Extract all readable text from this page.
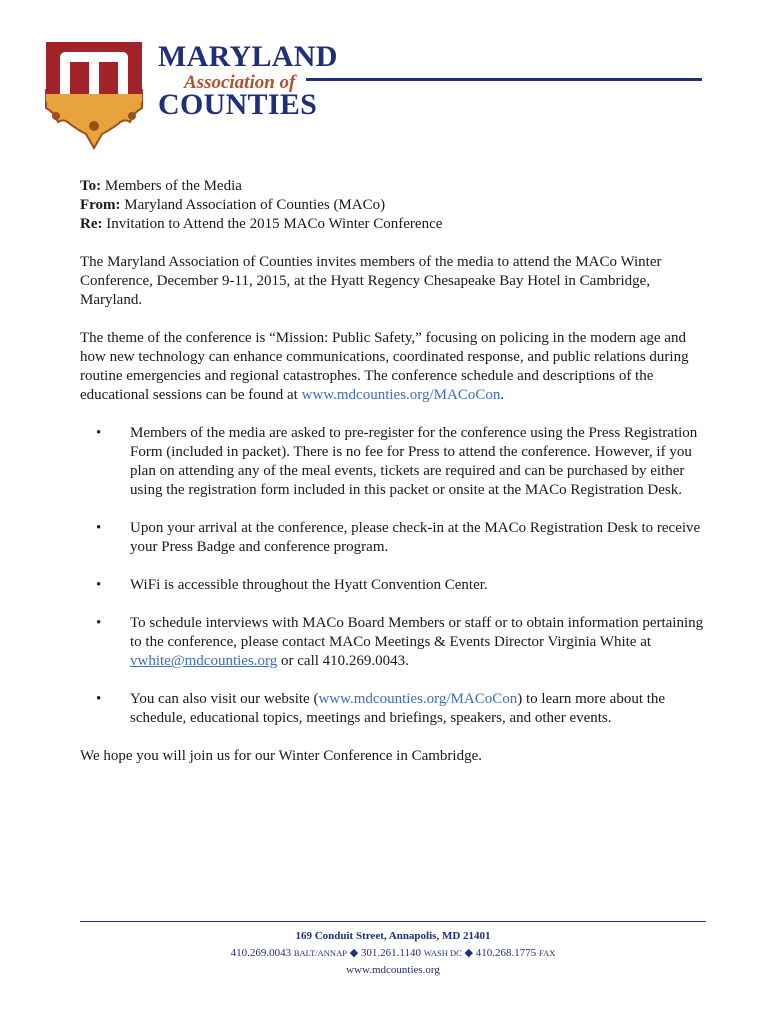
MARYLAND
Association of
COUNTIES

To: Members of the Media

From: Maryland Association of Counties (MACo)

Re: Invitation to Attend the 2015 MACo Winter Conference

The Maryland Association of Counties invites members of the media to attend the MACo Winter Conference, December 9-11, 2015, at the Hyatt Regency Chesapeake Bay Hotel in Cambridge, Maryland.

The theme of the conference is “Mission: Public Safety,” focusing on policing in the modern age and how new technology can enhance communications, coordinated response, and public relations during routine emergencies and regional catastrophes. The conference schedule and descriptions of the educational sessions can be found at www.mdcounties.org/MACoCon.

• Members of the media are asked to pre-register for the conference using the Press Registration Form (included in packet). There is no fee for Press to attend the conference. However, if you plan on attending any of the meal events, tickets are required and can be purchased by either using the registration form included in this packet or onsite at the MACo Registration Desk.
• Upon your arrival at the conference, please check-in at the MACo Registration Desk to receive your Press Badge and conference program.
• WiFi is accessible throughout the Hyatt Convention Center.
• To schedule interviews with MACo Board Members or staff or to obtain information pertaining to the conference, please contact MACo Meetings & Events Director Virginia White at vwhite@mdcounties.org or call 410.269.0043.
• You can also visit our website (www.mdcounties.org/MACoCon) to learn more about the schedule, educational topics, meetings and briefings, speakers, and other events.

We hope you will join us for our Winter Conference in Cambridge.

169 Conduit Street, Annapolis, MD 21401
410.269.0043 BALT/ANNAP ◆ 301.261.1140 WASH DC ◆ 410.268.1775 FAX
www.mdcounties.org
